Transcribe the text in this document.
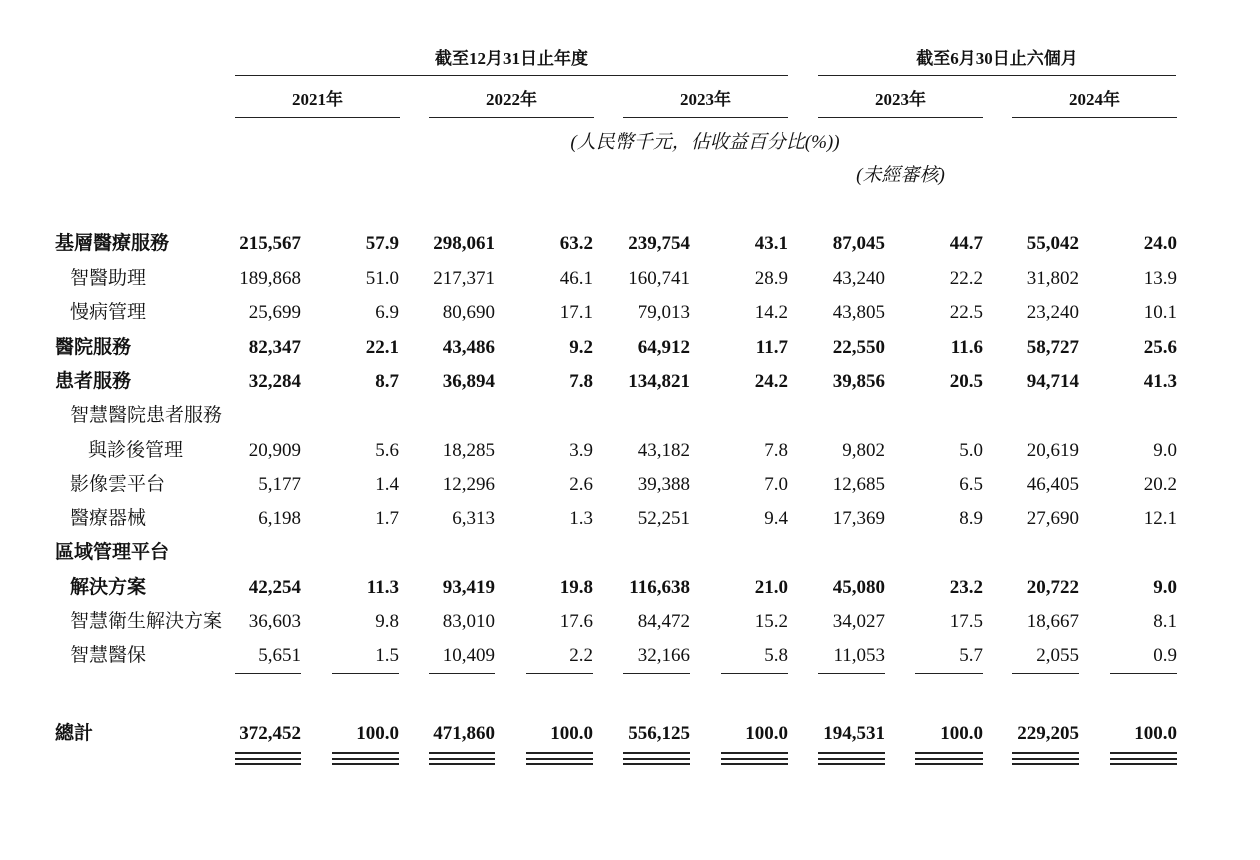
截至12月31日止年度	截至6月30日止六個月
2021年	2022年	2023年	2023年	2024年
(人民幣千元，佔收益百分比(%))
(未經審核)
基層醫療服務	215,567	57.9	298,061	63.2	239,754	43.1	87,045	44.7	55,042	24.0
智醫助理	189,868	51.0	217,371	46.1	160,741	28.9	43,240	22.2	31,802	13.9
慢病管理	25,699	6.9	80,690	17.1	79,013	14.2	43,805	22.5	23,240	10.1
醫院服務	82,347	22.1	43,486	9.2	64,912	11.7	22,550	11.6	58,727	25.6
患者服務	32,284	8.7	36,894	7.8	134,821	24.2	39,856	20.5	94,714	41.3
智慧醫院患者服務
與診後管理	20,909	5.6	18,285	3.9	43,182	7.8	9,802	5.0	20,619	9.0
影像雲平台	5,177	1.4	12,296	2.6	39,388	7.0	12,685	6.5	46,405	20.2
醫療器械	6,198	1.7	6,313	1.3	52,251	9.4	17,369	8.9	27,690	12.1
區域管理平台
解決方案	42,254	11.3	93,419	19.8	116,638	21.0	45,080	23.2	20,722	9.0
智慧衛生解決方案	36,603	9.8	83,010	17.6	84,472	15.2	34,027	17.5	18,667	8.1
智慧醫保	5,651	1.5	10,409	2.2	32,166	5.8	11,053	5.7	2,055	0.9
總計	372,452	100.0	471,860	100.0	556,125	100.0	194,531	100.0	229,205	100.0
